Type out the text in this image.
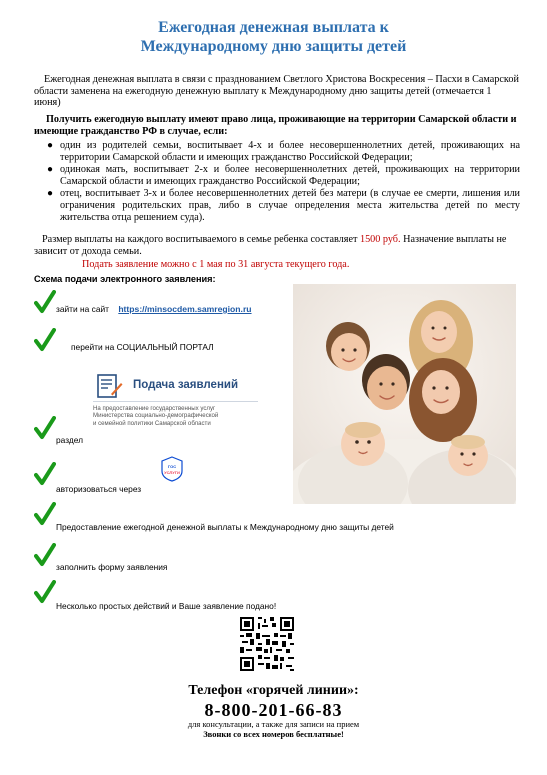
Ежегодная денежная выплата к
Международному дню защиты детей
Ежегодная денежная выплата в связи с празднованием Светлого Христова Воскресения – Пасхи в Самарской области заменена на ежегодную денежную выплату к Международному дню защиты детей (отмечается 1 июня)
Получить ежегодную выплату имеют право лица, проживающие на территории Самарской области и имеющие гражданство РФ в случае, если:
● один из родителей семьи, воспитывает 4-х и более несовершеннолетних детей, проживающих на территории Самарской области и имеющих гражданство Российской Федерации;
● одинокая мать, воспитывает 2-х и более несовершеннолетних детей, проживающих на территории Самарской области и имеющих гражданство Российской Федерации;
● отец, воспитывает 3-х и более несовершеннолетних детей без матери (в случае ее смерти, лишения или ограничения родительских прав, либо в случае определения места жительства детей по месту жительства отца решением суда).
Размер выплаты на каждого воспитываемого в семье ребенка составляет 1500 руб. Назначение выплаты не зависит от дохода семьи.
Подать заявление можно с 1 мая по 31 августа текущего года.
Схема подачи электронного заявления:
зайти на сайт https://minsocdem.samregion.ru
перейти на СОЦИАЛЬНЫЙ ПОРТАЛ
Подача заявлений
На предоставление государственных услуг
Министерства социально-демографической
и семейной политики Самарской области
раздел
авторизоваться через
ГОС
УСЛУГИ
Предоставление ежегодной денежной выплаты к Международному дню защиты детей
заполнить форму заявления
Несколько простых действий и Ваше заявление подано!
Телефон «горячей линии»:
8-800-201-66-83
для консультации, а также для записи на прием
Звонки со всех номеров бесплатные!
